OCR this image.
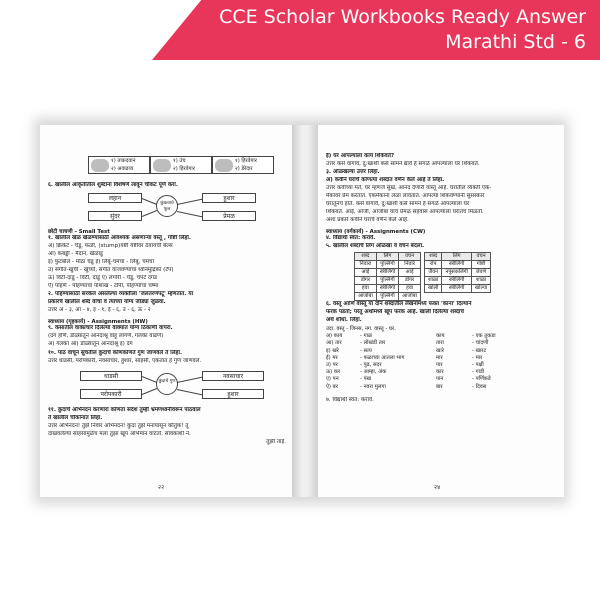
CCE Scholar Workbooks Ready Answer
Marathi Std - 6
१) ताकदवान
२) अवाढव्य
१) उंच
२) हिरवेगार
१) हिरवेगार
२) डेरेदार
६. खालील आकृतीतील शुब्दांना विशेषणे लावून चौकट पूर्ण करा.
लहान
सुंदर
कुंकवाचे फूल
हुशार
प्रेमळ
छोटी चाचणी - Small Test
१. खालील खेळ खेळण्यासाठी आवश्यक असणाऱ्या वस्तू , गोष्टी लिहा.
अ) क्रिकेट - चेंडू, फळी, (stump)यष्टी यष्टीवर ठेवायची बेल्स
आ) कबड्डी - मैदान, खेळाडू
इ) फुटबॉल - मोठा चेंडू ई) लिंबू-चमचा - लिंबू, चमचा
उ) संगीत-खुर्ची - खुर्च्या, संगीत वाजवण्याचा ध्वनिमुद्रिका (टेप)
ऊ) विटी-दांडू - विटी, दांडू ए) लगोरी - चेंडू, चपटे दगड
ऐ) पोहणे - पोहण्याचा पोशाख - टोपी, पोहण्याचा चष्मा
२. पोहण्यासाठी सरकेल असलेल्या व्यक्तीला 'जलतरणपटू' म्हणतात. या
प्रकारचे खालील शब्द वाचा व त्यांच्या योग्य जोड्या जुळवा.
उत्तर अ - ३, आ - ४, इ - १, ई - ६, उ - ६, ऊ - २
स्वाध्याय (गृहकार्य) - Assignments (HW)
९. कंसातील वाक्प्रचार दिलेल्या वाक्यांत योग्य ठिकाणी वापरा.
(दंग होणे, डोळ्यांतून आनंदाश्रू वाहू लागणे, गलका वाढणे)
अ) गलका आ) डोळ्यांतून आनंदाश्रू इ) दंग
१०. पाठ वाचून सुचतील कुंदाचे कोणकोणते गुण जाणवले ते लिहा.
उत्तर धाडसी, परोपकारी, नवसाचार, हुशार, साहसी, एकतात हे गुण जाणवले.
धाडसी
परोपकारी
कुंदाचे गुण
नवसाचार
हुशार
११. कुंदाचे अभिनंदन करणारा कोणता संदेश तुम्ही भ्रमणध्वनीवरून पाठवाल
ते खालील चौकोनात लिहा.
उत्तर अभिनंदन! तुझे निवार अभिनंदन! कुंदा तुझे मनापासून कौतुक! तू
दाखवलेल्या साहसामुळेच मला तुझा खूप अभिमान वाटतो. सावकाशी ने.
तुझी ताई.
२२
ई) घर आपल्याला काय शिकवते?
उत्तर कसे वागावे, दु:खाशी कसे सामने द्यावे हे सगळे आपल्याला घर शिकवते.
३. ओळखल्या उत्तर लिहा.
अ) कवीने घराचे कोणत्या शब्दांत वर्णन केले आहे ते लिहा.
उत्तर कवीच्या मते, घर म्हणजे सुख, आनंद देणारी वास्तू आहे. घरातील व्यक्ती एक-
मेकांवर प्रेम करतात. एकमेकांना लळा लावतात. आपल्या शिकवण्यांनी सुसंस्कार
घरातूनच होते. कसे वागावे, दु:खाशी कसे सामने हे सगळे आपल्याला घर
शिकवते. आई, आजी, आजोबा यांचं प्रेमळ सहवास आपल्याला घरातच मिळतो.
अशा प्रकारे कवीने घराचे वर्णन केले आहे.
स्वाध्याय (वर्गकार्य) - Assignments (CW)
४. विद्यार्थी स्वत: करावे.
५. खालील शब्दांचे लिंग ओळखा व वचन बदला.
शब्द	लिंग	वचन		शब्द	लिंग	वचन
निवारा	पुल्लिंगी	निवारे		रोप	स्त्रीलिंगी	गोष्टी
आई	स्त्रीलिंगी	आई		जैवन	नपुंसकलिंगी	जेवणे
डोंगर	पुल्लिंगी	डोंगर		शाळा	स्त्रीलिंगी	शाळा
हवा	स्त्रीलिंगी	हवा		खोली	स्त्रीलिंगी	खोल्या
आजोबा	पुल्लिंगी	आजोबा				
६. वस्तू आणि वास्तू या दोन शब्दांतील लेखनामध्ये फक्त 'काना' दिल्याने
फरक पडतो; परंतु अर्थामध्ये खूप फरक आहे. खाली दिलेल्या शब्दांचे
अर्थ शोधा. लिहा.
उदा. वस्तू - जिनस, नग. वास्तू - घर.
अ) काय	- गाळ	काय	- एक तुकडा
आ) तार	- लोखंडी तार	तारा	- चांदणी
इ) खरे	- सत्य	खारे	- खारट
ई) मर	- फळाच्या आतला भाग	मार	- मार
उ) पर	- पुढ, सदर	पार	- पक्षी
ऊ) कर	- आम्हा, अंक	कार	- गाडी
ए) पन	- पंख	पान	- पर्णिकडे
ऐ) बर	- नवरा मुलगा	बार	- दिवस
७. विद्यार्थी स्वत: करावे.
२४
